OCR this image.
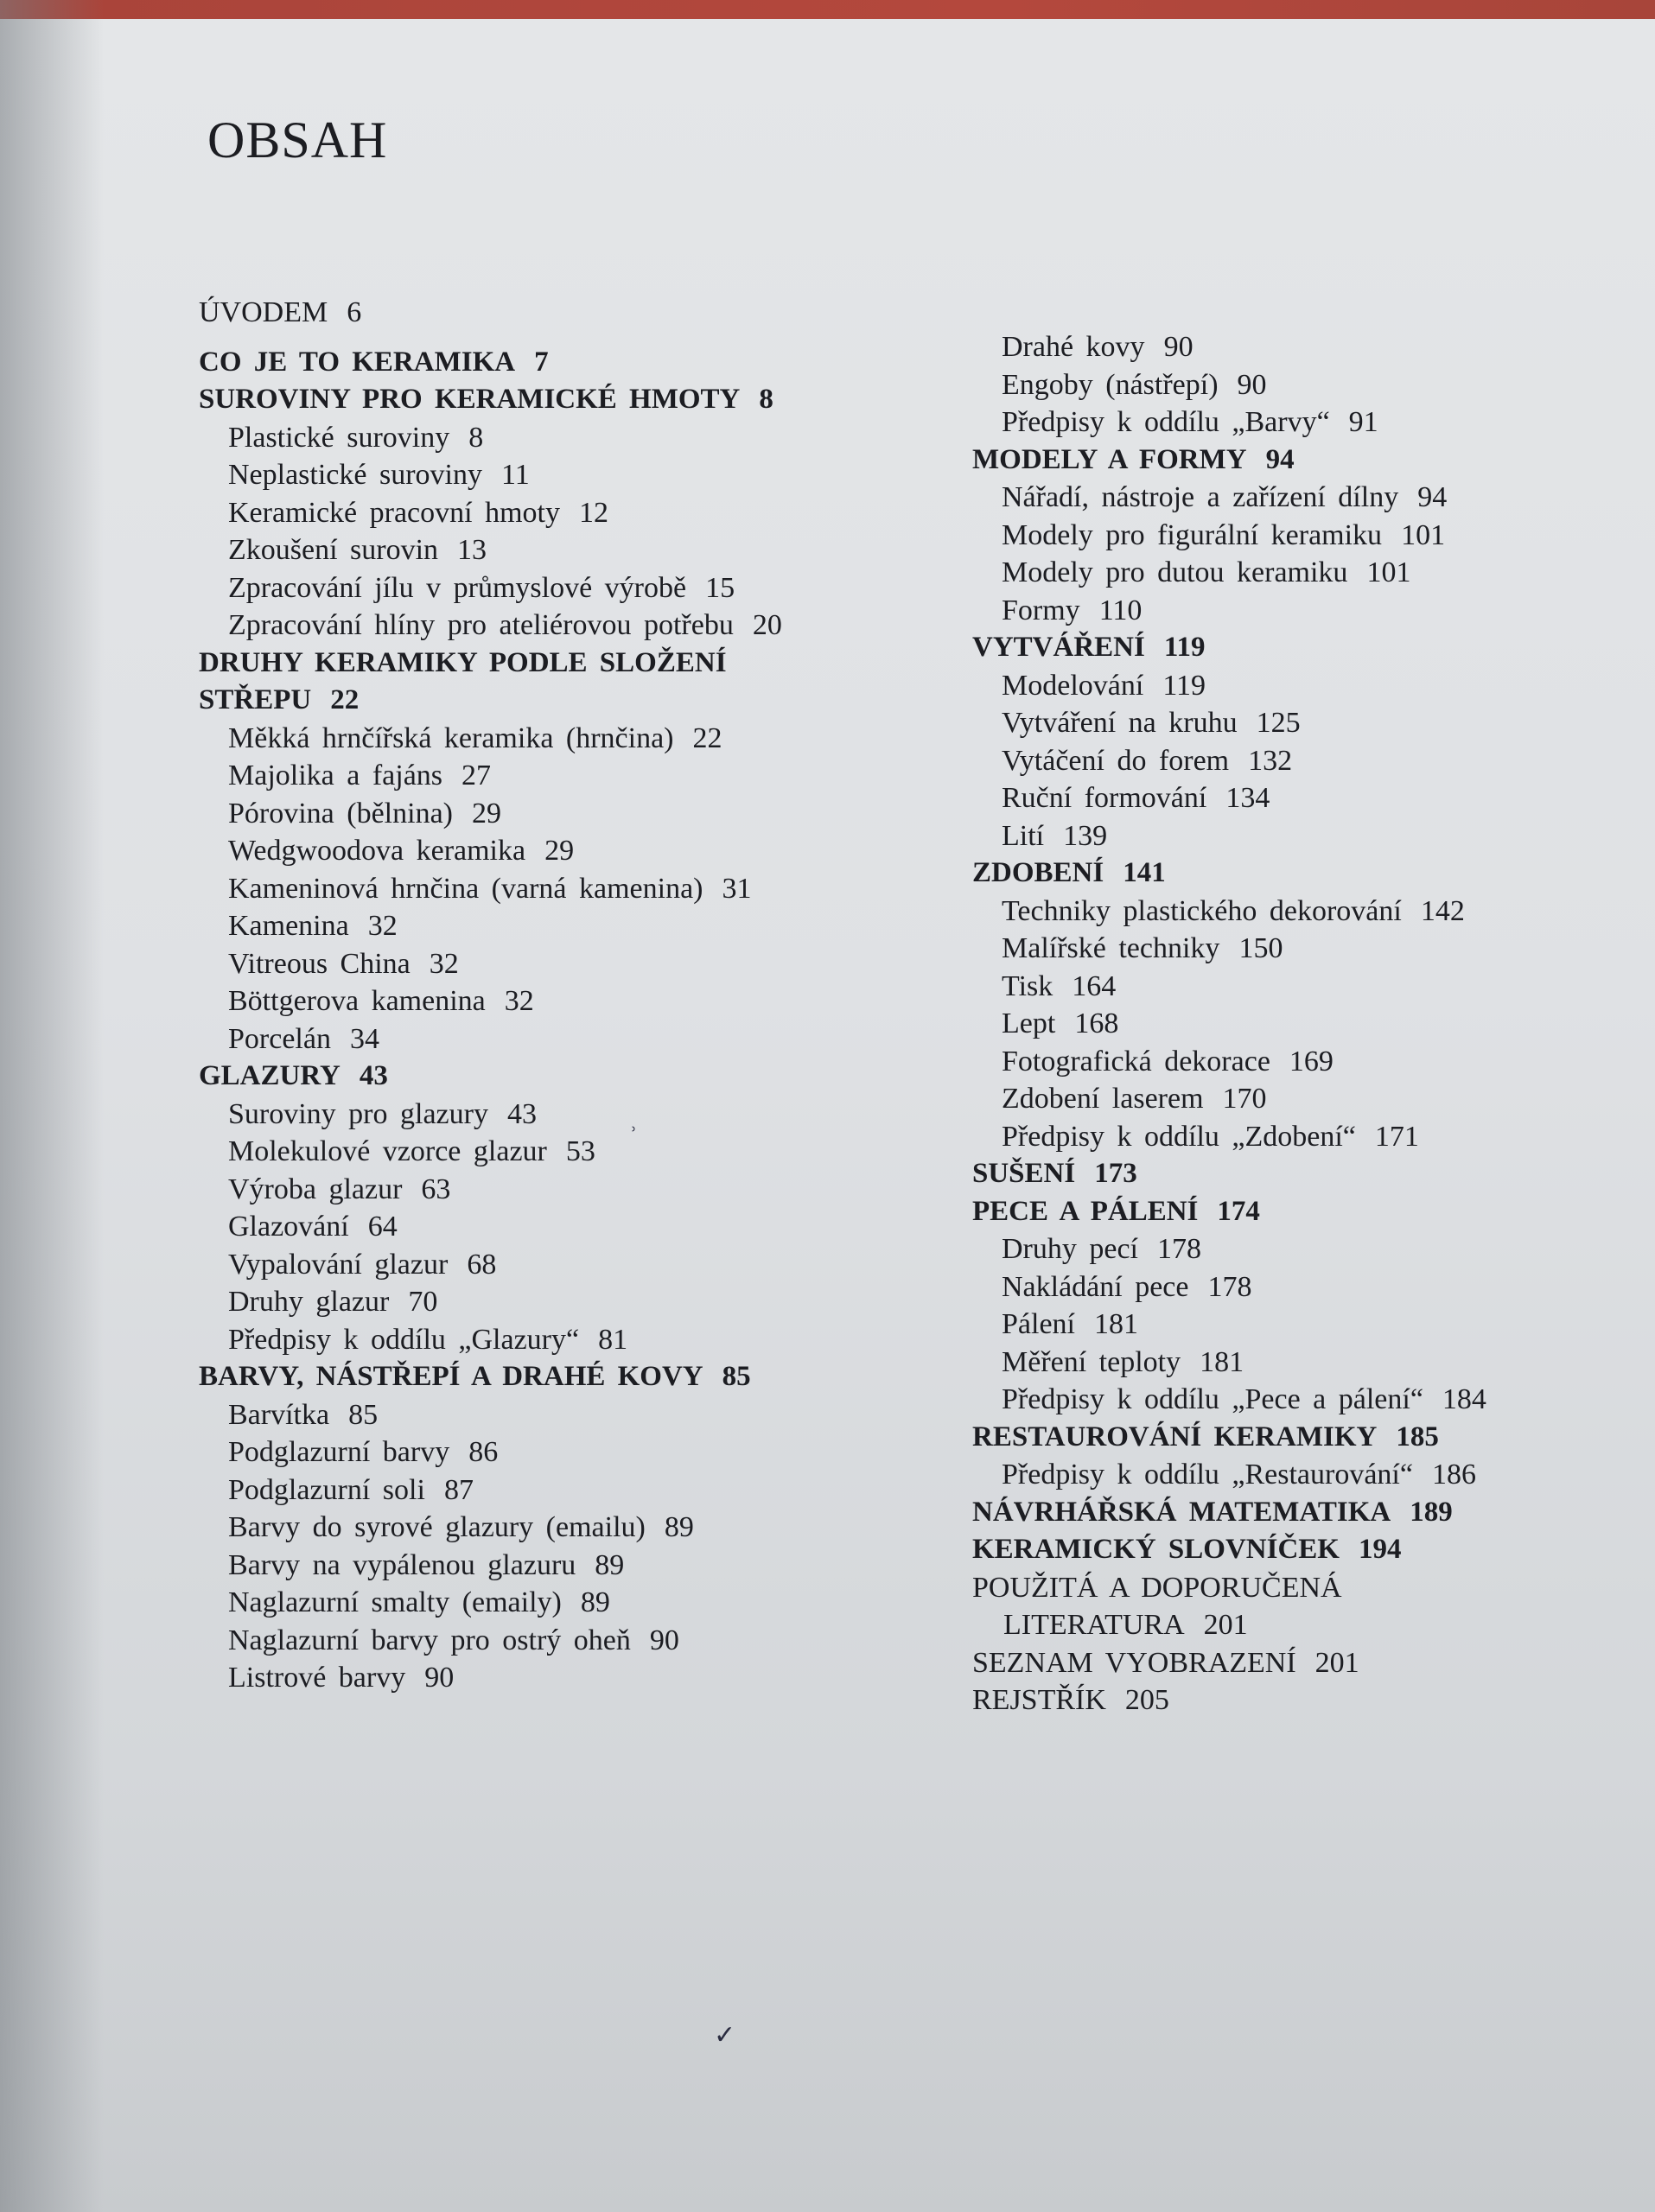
OBSAH
ÚVODEM 6
CO JE TO KERAMIKA 7
SUROVINY PRO KERAMICKÉ HMOTY 8
Plastické suroviny 8
Neplastické suroviny 11
Keramické pracovní hmoty 12
Zkoušení surovin 13
Zpracování jílu v průmyslové výrobě 15
Zpracování hlíny pro ateliérovou potřebu 20
DRUHY KERAMIKY PODLE SLOŽENÍ
STŘEPU 22
Měkká hrnčířská keramika (hrnčina) 22
Majolika a fajáns 27
Pórovina (bělnina) 29
Wedgwoodova keramika 29
Kameninová hrnčina (varná kamenina) 31
Kamenina 32
Vitreous China 32
Böttgerova kamenina 32
Porcelán 34
GLAZURY 43
Suroviny pro glazury 43
Molekulové vzorce glazur 53
Výroba glazur 63
Glazování 64
Vypalování glazur 68
Druhy glazur 70
Předpisy k oddílu „Glazury“ 81
BARVY, NÁSTŘEPÍ A DRAHÉ KOVY 85
Barvítka 85
Podglazurní barvy 86
Podglazurní soli 87
Barvy do syrové glazury (emailu) 89
Barvy na vypálenou glazuru 89
Naglazurní smalty (emaily) 89
Naglazurní barvy pro ostrý oheň 90
Listrové barvy 90
Drahé kovy 90
Engoby (nástřepí) 90
Předpisy k oddílu „Barvy“ 91
MODELY A FORMY 94
Nářadí, nástroje a zařízení dílny 94
Modely pro figurální keramiku 101
Modely pro dutou keramiku 101
Formy 110
VYTVÁŘENÍ 119
Modelování 119
Vytváření na kruhu 125
Vytáčení do forem 132
Ruční formování 134
Lití 139
ZDOBENÍ 141
Techniky plastického dekorování 142
Malířské techniky 150
Tisk 164
Lept 168
Fotografická dekorace 169
Zdobení laserem 170
Předpisy k oddílu „Zdobení“ 171
SUŠENÍ 173
PECE A PÁLENÍ 174
Druhy pecí 178
Nakládání pece 178
Pálení 181
Měření teploty 181
Předpisy k oddílu „Pece a pálení“ 184
RESTAUROVÁNÍ KERAMIKY 185
Předpisy k oddílu „Restaurování“ 186
NÁVRHÁŘSKÁ MATEMATIKA 189
KERAMICKÝ SLOVNÍČEK 194
POUŽITÁ A DOPORUČENÁ
LITERATURA 201
SEZNAM VYOBRAZENÍ 201
REJSTŘÍK 205
˒
✓
